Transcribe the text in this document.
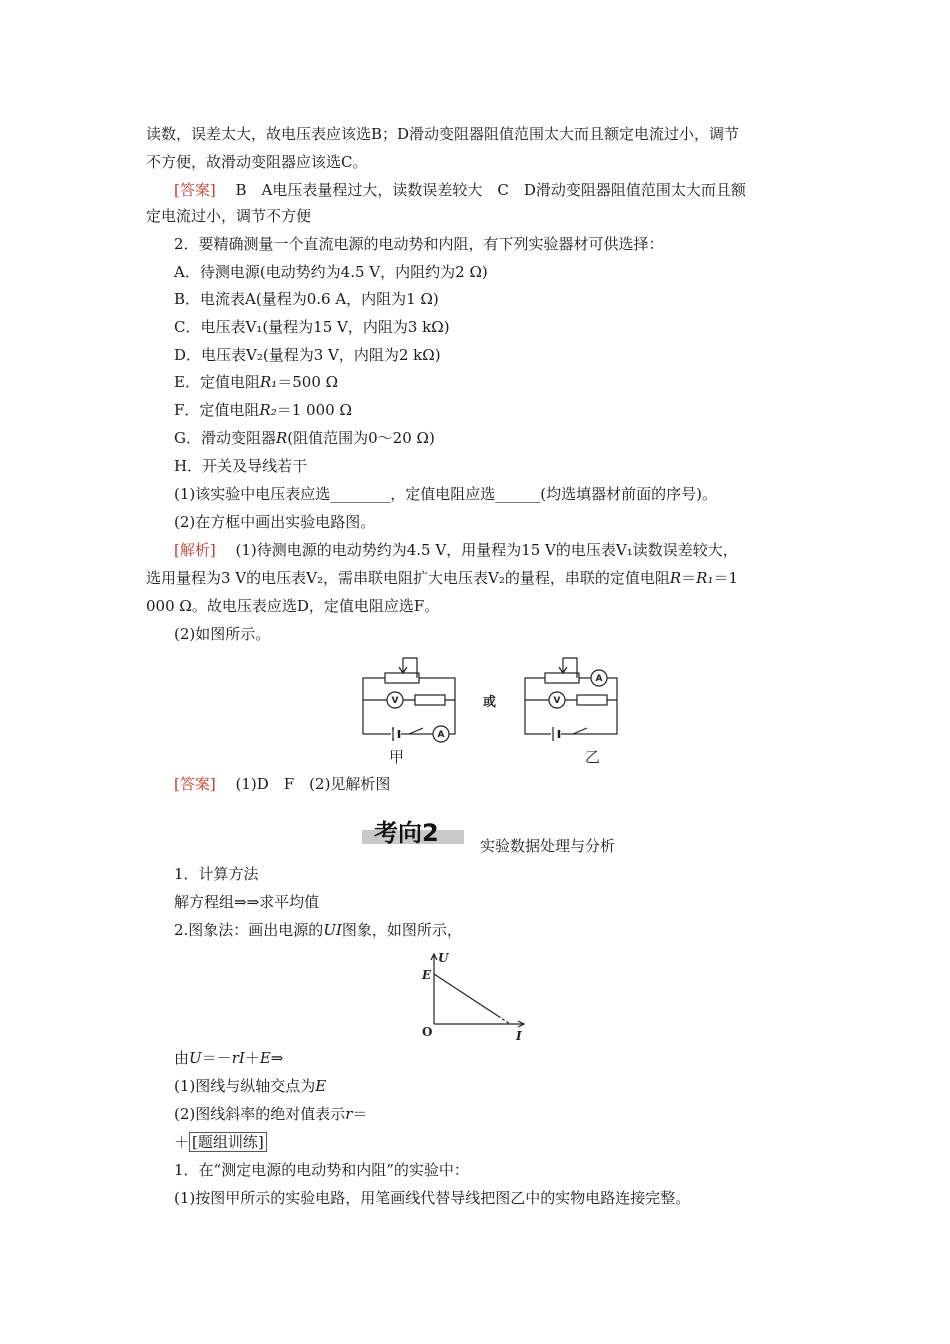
读数，误差太大，故电压表应该选B；D滑动变阻器阻值范围太大而且额定电流过小，调节
不方便，故滑动变阻器应该选C。
[答案]　 B　A电压表量程过大，读数误差较大　C　D滑动变阻器阻值范围太大而且额
定电流过小，调节不方便
2．要精确测量一个直流电源的电动势和内阻，有下列实验器材可供选择：
A．待测电源(电动势约为4.5 V，内阻约为2 Ω)
B．电流表A(量程为0.6 A，内阻为1 Ω)
C．电压表V₁(量程为15 V，内阻为3 kΩ)
D．电压表V₂(量程为3 V，内阻为2 kΩ)
E．定值电阻R₁＝500 Ω
F．定值电阻R₂＝1 000 Ω
G．滑动变阻器R(阻值范围为0～20 Ω)
H．开关及导线若干
(1)该实验中电压表应选________，定值电阻应选______(均选填器材前面的序号)。
(2)在方框中画出实验电路图。
[解析]　 (1)待测电源的电动势约为4.5 V，用量程为15 V的电压表V₁读数误差较大，
选用量程为3 V的电压表V₂，需串联电阻扩大电压表V₂的量程，串联的定值电阻R＝R₁＝1
000 Ω。故电压表应选D，定值电阻应选F。
(2)如图所示。
V
A
V
A
或
甲	乙
[答案]　 (1)D　F　(2)见解析图
考向2	实验数据处理与分析
1．计算方法
解方程组⇒⇒求平均值
2.图象法：画出电源的UI图象，如图所示，
U
E
O	I
由U＝－rI＋E⇒
(1)图线与纵轴交点为E
(2)图线斜率的绝对值表示r＝
＋ [题组训练]
1．在“测定电源的电动势和内阻”的实验中：
(1)按图甲所示的实验电路，用笔画线代替导线把图乙中的实物电路连接完整。
